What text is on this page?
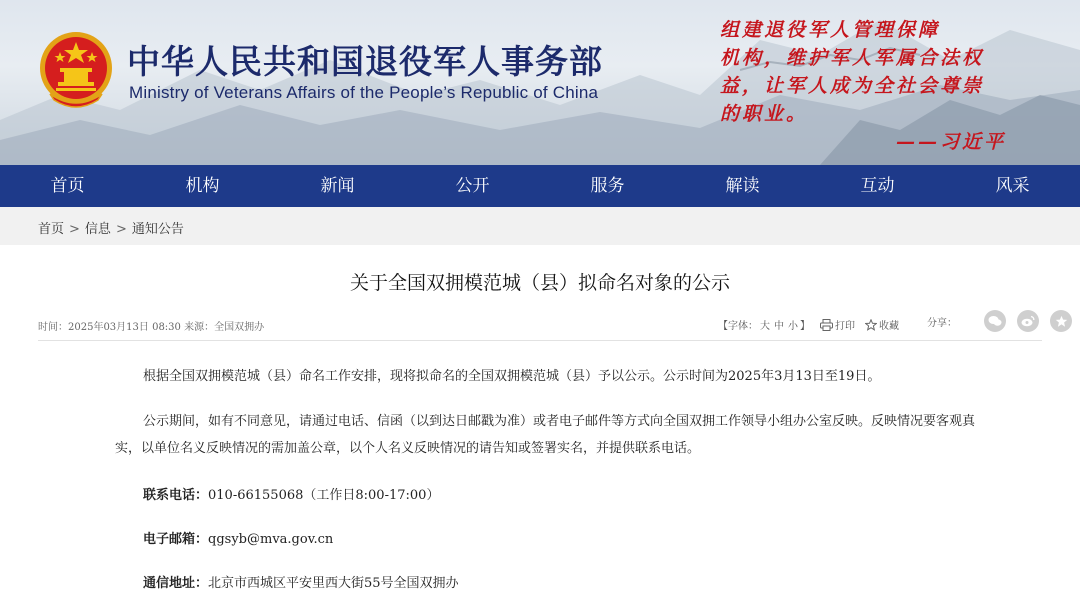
中华人民共和国退役军人事务部
Ministry of Veterans Affairs of the People’s Republic of China
组建退役军人管理保障
机构，维护军人军属合法权
益，让军人成为全社会尊崇
的职业。
——习近平
首页	机构	新闻	公开	服务	解读	互动	风采
首页 > 信息 > 通知公告
关于全国双拥模范城（县）拟命名对象的公示
时间：2025年03月13日 08:30 来源：全国双拥办	【字体： 大 中 小 】	打印 收藏	分享：
根据全国双拥模范城（县）命名工作安排，现将拟命名的全国双拥模范城（县）予以公示。公示时间为2025年3月13日至19日。
公示期间，如有不同意见，请通过电话、信函（以到达日邮戳为准）或者电子邮件等方式向全国双拥工作领导小组办公室反映。反映情况要客观真实，以单位名义反映情况的需加盖公章，以个人名义反映情况的请告知或签署实名，并提供联系电话。
联系电话：010-66155068（工作日8:00-17:00）
电子邮箱：qgsyb@mva.gov.cn
通信地址：北京市西城区平安里西大街55号全国双拥办
